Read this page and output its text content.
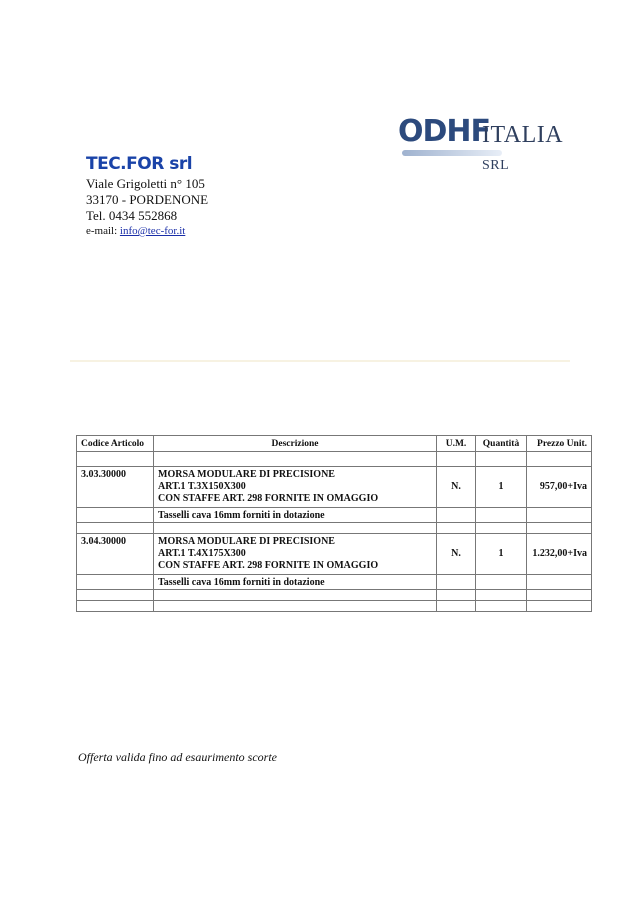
ODHF
ITALIA SRL
TEC.FOR srl
Viale Grigoletti n° 105
33170 - PORDENONE
Tel. 0434 552868
e-mail: info@tec-for.it
Codice Articolo	Descrizione	U.M.	Quantità	Prezzo Unit.

3.03.30000	MORSA MODULARE DI PRECISIONE
ART.1 T.3X150X300
CON STAFFE ART. 298 FORNITE IN OMAGGIO	N.	1	957,00+Iva
	Tasselli cava 16mm forniti in dotazione			

3.04.30000	MORSA MODULARE DI PRECISIONE
ART.1 T.4X175X300
CON STAFFE ART. 298 FORNITE IN OMAGGIO	N.	1	1.232,00+Iva
	Tasselli cava 16mm forniti in dotazione			

Offerta valida fino ad esaurimento scorte
